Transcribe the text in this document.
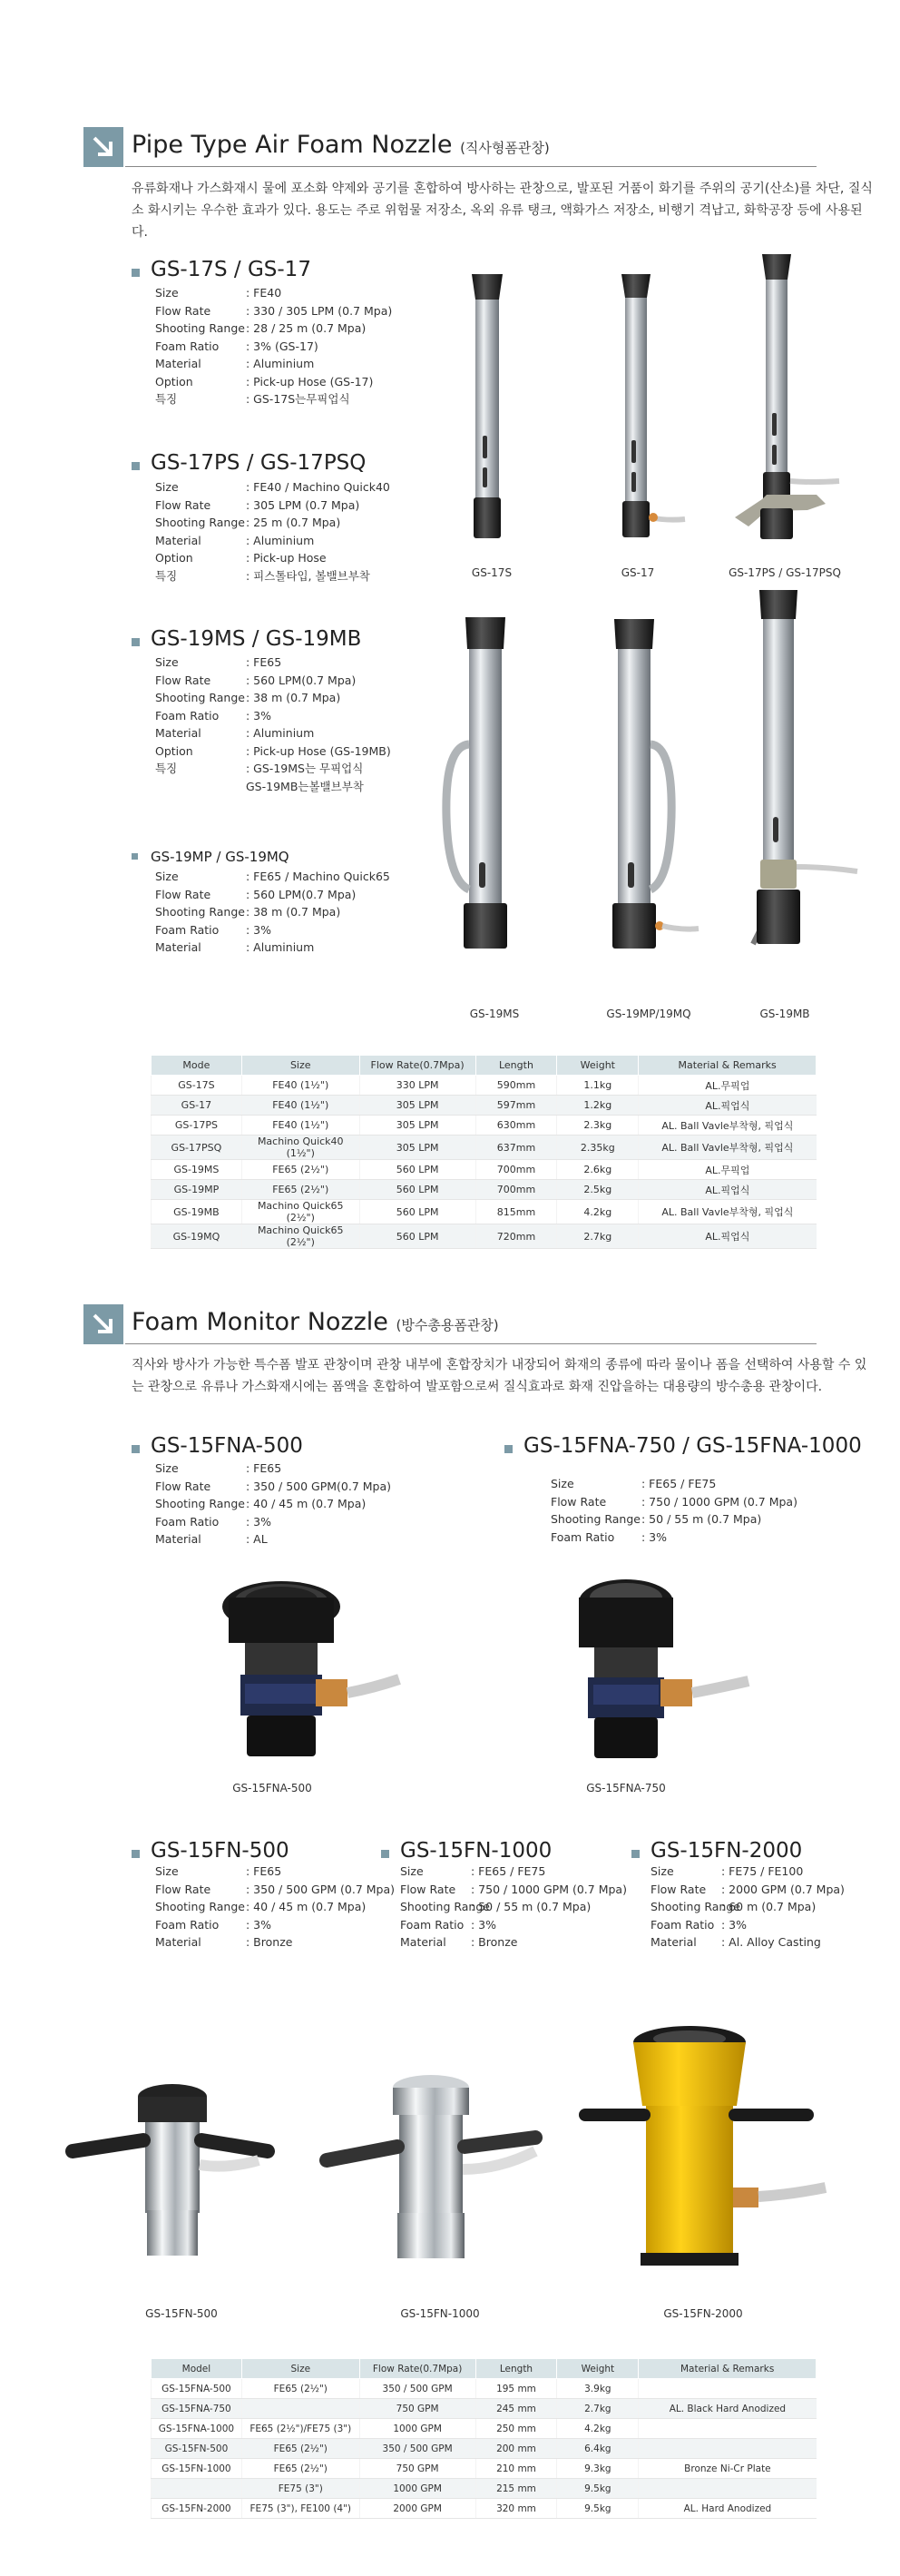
Pipe Type Air Foam Nozzle (직사형폼관창)
유류화재나 가스화재시 물에 포소화 약제와 공기를 혼합하여 방사하는 관창으로, 발포된 거품이 화기를 주위의 공기(산소)를 차단, 질식소 화시키는 우수한 효과가 있다. 용도는 주로 위험물 저장소, 옥외 유류 탱크, 액화가스 저장소, 비행기 격납고, 화학공장 등에 사용된다.
GS-17S / GS-17
Size	: FE40
Flow Rate	: 330 / 305 LPM (0.7 Mpa)
Shooting Range : 28 / 25 m (0.7 Mpa)
Foam Ratio	: 3% (GS-17)
Material	: Aluminium
Option	: Pick-up Hose (GS-17)
특징	: GS-17S는무픽업식
GS-17PS / GS-17PSQ
Size	: FE40 / Machino Quick40
Flow Rate	: 305 LPM (0.7 Mpa)
Shooting Range : 25 m (0.7 Mpa)
Material	: Aluminium
Option	: Pick-up Hose
특징	: 피스톨타입, 볼밸브부착
GS-19MS / GS-19MB
Size	: FE65
Flow Rate	: 560 LPM(0.7 Mpa)
Shooting Range : 38 m (0.7 Mpa)
Foam Ratio	: 3%
Material	: Aluminium
Option	: Pick-up Hose (GS-19MB)
특징	: GS-19MS는 무픽업식
GS-19MB는볼밸브부착
GS-19MP / GS-19MQ
Size	: FE65 / Machino Quick65
Flow Rate	: 560 LPM(0.7 Mpa)
Shooting Range : 38 m (0.7 Mpa)
Foam Ratio	: 3%
Material	: Aluminium
GS-17S	GS-17	GS-17PS / GS-17PSQ
GS-19MS	GS-19MP/19MQ	GS-19MB
Mode	Size	Flow Rate(0.7Mpa)	Length	Weight	Material & Remarks
GS-17S	FE40 (1½")	330 LPM	590mm	1.1kg	AL.무픽업
GS-17	FE40 (1½")	305 LPM	597mm	1.2kg	AL.픽업식
GS-17PS	FE40 (1½")	305 LPM	630mm	2.3kg	AL. Ball Vavle부착형, 픽업식
GS-17PSQ	Machino Quick40 (1½")	305 LPM	637mm	2.35kg	AL. Ball Vavle부착형, 픽업식
GS-19MS	FE65 (2½")	560 LPM	700mm	2.6kg	AL.무픽업
GS-19MP	FE65 (2½")	560 LPM	700mm	2.5kg	AL.픽업식
GS-19MB	Machino Quick65 (2½")	560 LPM	815mm	4.2kg	AL. Ball Vavle부착형, 픽업식
GS-19MQ	Machino Quick65 (2½")	560 LPM	720mm	2.7kg	AL.픽업식
Foam Monitor Nozzle (방수총용폼관창)
직사와 방사가 가능한 특수폼 발포 관창이며 관창 내부에 혼합장치가 내장되어 화재의 종류에 따라 물이나 폼을 선택하여 사용할 수 있는 관창으로 유류나 가스화재시에는 폼액을 혼합하여 발포함으로써 질식효과로 화재 진압을하는 대용량의 방수총용 관창이다.
GS-15FNA-500
Size	: FE65
Flow Rate	: 350 / 500 GPM(0.7 Mpa)
Shooting Range : 40 / 45 m (0.7 Mpa)
Foam Ratio	: 3%
Material	: AL
GS-15FNA-750 / GS-15FNA-1000
Size	: FE65 / FE75
Flow Rate	: 750 / 1000 GPM (0.7 Mpa)
Shooting Range : 50 / 55 m (0.7 Mpa)
Foam Ratio	: 3%
GS-15FNA-500	GS-15FNA-750
GS-15FN-500
Size	: FE65
Flow Rate	: 350 / 500 GPM (0.7 Mpa)
Shooting Range : 40 / 45 m (0.7 Mpa)
Foam Ratio	: 3%
Material	: Bronze
GS-15FN-1000
Size	: FE65 / FE75
Flow Rate	: 750 / 1000 GPM (0.7 Mpa)
Shooting Range
: 50 / 55 m (0.7 Mpa)
Foam Ratio : 3%
Material	: Bronze
GS-15FN-2000
Size	: FE75 / FE100
Flow Rate	: 2000 GPM (0.7 Mpa)
Shooting Range
: 60 m (0.7 Mpa)
Foam Ratio : 3%
Material	: Al. Alloy Casting
GS-15FN-500	GS-15FN-1000	GS-15FN-2000
Model	Size	Flow Rate(0.7Mpa)	Length	Weight	Material & Remarks
GS-15FNA-500	FE65 (2½")	350 / 500 GPM	195 mm	3.9kg	
GS-15FNA-750		750 GPM	245 mm	2.7kg	AL. Black Hard Anodized
GS-15FNA-1000	FE65 (2½")/FE75 (3")	1000 GPM	250 mm	4.2kg	
GS-15FN-500	FE65 (2½")	350 / 500 GPM	200 mm	6.4kg	
GS-15FN-1000	FE65 (2½")	750 GPM	210 mm	9.3kg	Bronze Ni-Cr Plate
	FE75 (3")	1000 GPM	215 mm	9.5kg	
GS-15FN-2000	FE75 (3"), FE100 (4")	2000 GPM	320 mm	9.5kg	AL. Hard Anodized
